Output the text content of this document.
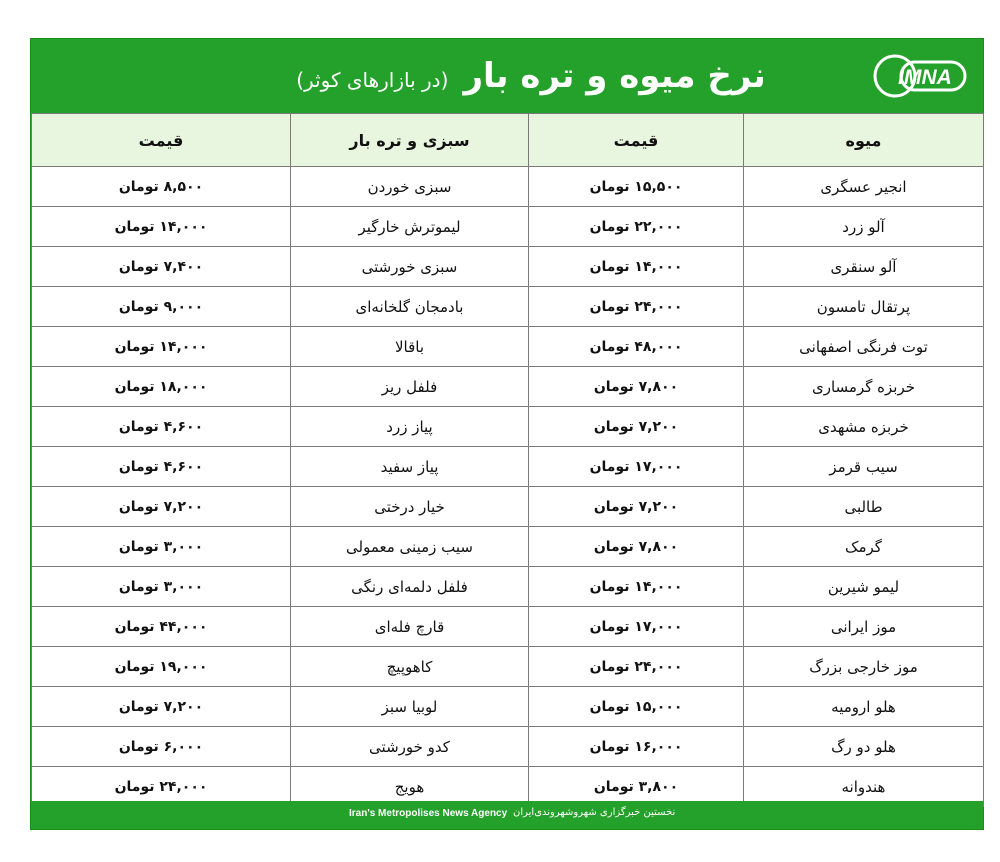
نرخ میوه و تره بار (در بازارهای کوثر)	IMNA
میوه	قیمت	سبزی و تره بار	قیمت
انجیر عسگری	۱۵,۵۰۰ تومان	سبزی خوردن	۸,۵۰۰ تومان
آلو زرد	۲۲,۰۰۰ تومان	لیموترش خارگیر	۱۴,۰۰۰ تومان
آلو سنقری	۱۴,۰۰۰ تومان	سبزی خورشتی	۷,۴۰۰ تومان
پرتقال تامسون	۲۴,۰۰۰ تومان	بادمجان گلخانه‌ای	۹,۰۰۰ تومان
توت فرنگی اصفهانی	۴۸,۰۰۰ تومان	باقالا	۱۴,۰۰۰ تومان
خربزه گرمساری	۷,۸۰۰ تومان	فلفل ریز	۱۸,۰۰۰ تومان
خربزه مشهدی	۷,۲۰۰ تومان	پیاز زرد	۴,۶۰۰ تومان
سیب قرمز	۱۷,۰۰۰ تومان	پیاز سفید	۴,۶۰۰ تومان
طالبی	۷,۲۰۰ تومان	خیار درختی	۷,۲۰۰ تومان
گرمک	۷,۸۰۰ تومان	سیب زمینی معمولی	۳,۰۰۰ تومان
لیمو شیرین	۱۴,۰۰۰ تومان	فلفل دلمه‌ای رنگی	۳,۰۰۰ تومان
موز ایرانی	۱۷,۰۰۰ تومان	قارچ فله‌ای	۴۴,۰۰۰ تومان
موز خارجی بزرگ	۲۴,۰۰۰ تومان	کاهوپیچ	۱۹,۰۰۰ تومان
هلو ارومیه	۱۵,۰۰۰ تومان	لوبیا سبز	۷,۲۰۰ تومان
هلو دو رگ	۱۶,۰۰۰ تومان	کدو خورشتی	۶,۰۰۰ تومان
هندوانه	۳,۸۰۰ تومان	هویج	۲۴,۰۰۰ تومان
Iran's Metropolises News Agency نخستین خبرگزاری شهروشهروندی‌ایران
